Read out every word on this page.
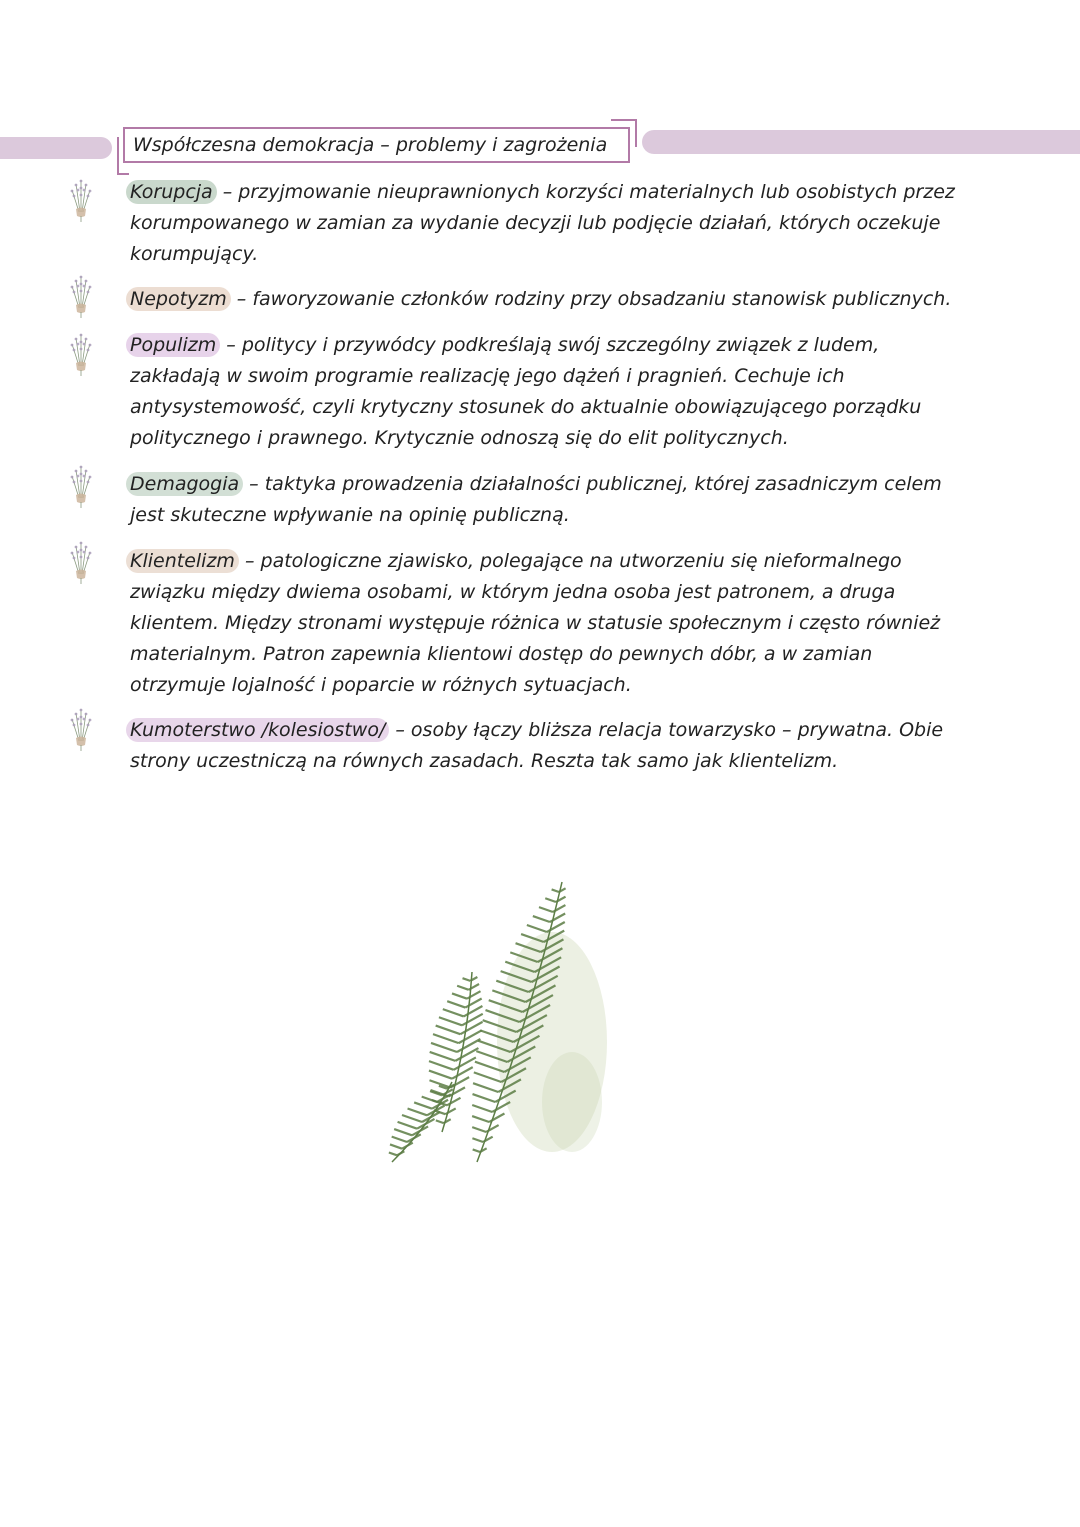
Współczesna demokracja – problemy i zagrożenia

Korupcja – przyjmowanie nieuprawnionych korzyści materialnych lub osobistych przez korumpowanego w zamian za wydanie decyzji lub podjęcie działań, których oczekuje korumpujący.

Nepotyzm – faworyzowanie członków rodziny przy obsadzaniu stanowisk publicznych.

Populizm – politycy i przywódcy podkreślają swój szczególny związek z ludem, zakładają w swoim programie realizację jego dążeń i pragnień. Cechuje ich antysystemowość, czyli krytyczny stosunek do aktualnie obowiązującego porządku politycznego i prawnego. Krytycznie odnoszą się do elit politycznych.

Demagogia – taktyka prowadzenia działalności publicznej, której zasadniczym celem jest skuteczne wpływanie na opinię publiczną.

Klientelizm – patologiczne zjawisko, polegające na utworzeniu się nieformalnego związku między dwiema osobami, w którym jedna osoba jest patronem, a druga klientem. Między stronami występuje różnica w statusie społecznym i często również materialnym. Patron zapewnia klientowi dostęp do pewnych dóbr, a w zamian otrzymuje lojalność i poparcie w różnych sytuacjach.

Kumoterstwo /kolesiostwo/ – osoby łączy bliższa relacja towarzysko – prywatna. Obie strony uczestniczą na równych zasadach. Reszta tak samo jak klientelizm.
